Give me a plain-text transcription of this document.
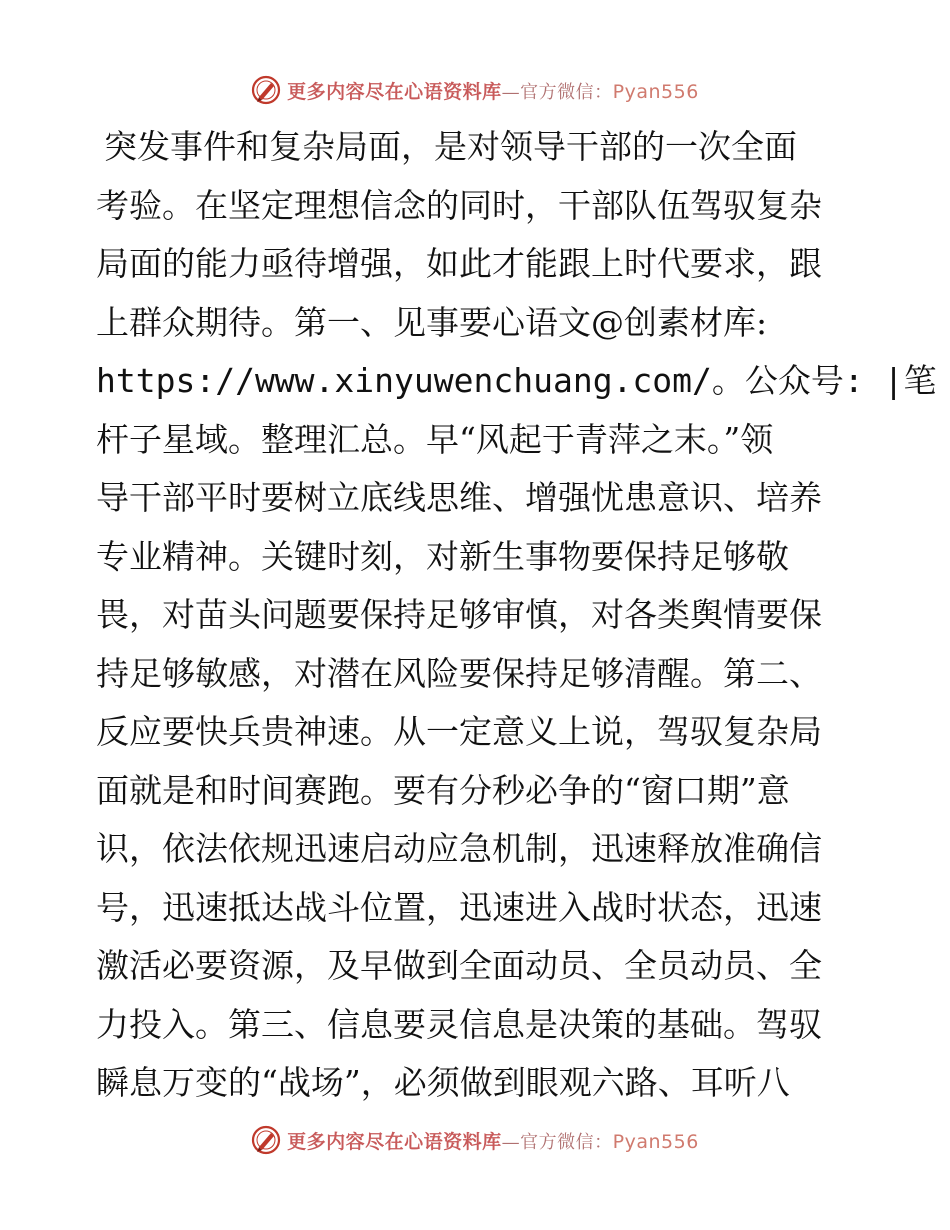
更多内容尽在心语资料库—官方微信：Pyan556
突发事件和复杂局面，是对领导干部的一次全面
考验。在坚定理想信念的同时，干部队伍驾驭复杂
局面的能力亟待增强，如此才能跟上时代要求，跟
上群众期待。第一、见事要心语文@创素材库:
https://www.xinyuwenchuang.com/。公众号: |笔
杆子星域。整理汇总。早“风起于青萍之末。”领
导干部平时要树立底线思维、增强忧患意识、培养
专业精神。关键时刻，对新生事物要保持足够敬
畏，对苗头问题要保持足够审慎，对各类舆情要保
持足够敏感，对潜在风险要保持足够清醒。第二、
反应要快兵贵神速。从一定意义上说，驾驭复杂局
面就是和时间赛跑。要有分秒必争的“窗口期”意
识，依法依规迅速启动应急机制，迅速释放准确信
号，迅速抵达战斗位置，迅速进入战时状态，迅速
激活必要资源，及早做到全面动员、全员动员、全
力投入。第三、信息要灵信息是决策的基础。驾驭
瞬息万变的“战场”，必须做到眼观六路、耳听八
更多内容尽在心语资料库—官方微信：Pyan556
